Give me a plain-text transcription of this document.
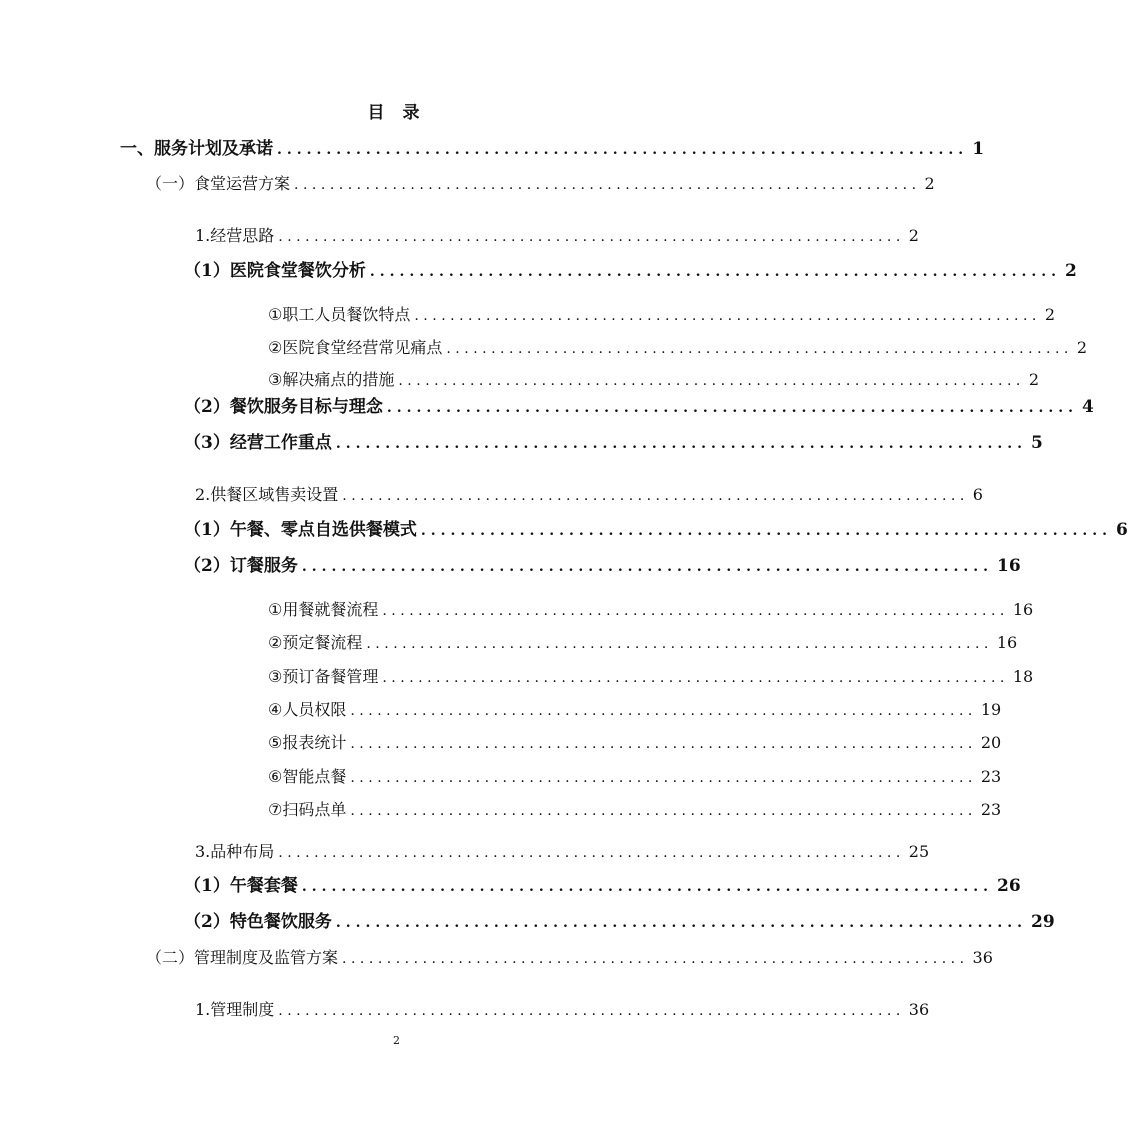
目 录
一、 服务计划及承诺 ...................................................................... 1
（一） 食堂运营方案 ...................................................................... 2
1. 经营思路 ...................................................................... 2
（1） 医院食堂餐饮分析 ...................................................................... 2
① 职工人员餐饮特点 ...................................................................... 2
② 医院食堂经营常见痛点 ...................................................................... 2
③ 解决痛点的措施 ...................................................................... 2
（2） 餐饮服务目标与理念 ...................................................................... 4
（3） 经营工作重点 ...................................................................... 5
2. 供餐区域售卖设置 ...................................................................... 6
（1） 午餐、零点自选供餐模式 ...................................................................... 6
（2） 订餐服务 ...................................................................... 16
① 用餐就餐流程 ...................................................................... 16
② 预定餐流程 ...................................................................... 16
③ 预订备餐管理 ...................................................................... 18
④ 人员权限 ...................................................................... 19
⑤ 报表统计 ...................................................................... 20
⑥ 智能点餐 ...................................................................... 23
⑦ 扫码点单 ...................................................................... 23
3. 品种布局 ...................................................................... 25
（1） 午餐套餐 ...................................................................... 26
（2） 特色餐饮服务 ...................................................................... 29
（二） 管理制度及监管方案 ...................................................................... 36
1. 管理制度 ...................................................................... 36
2
